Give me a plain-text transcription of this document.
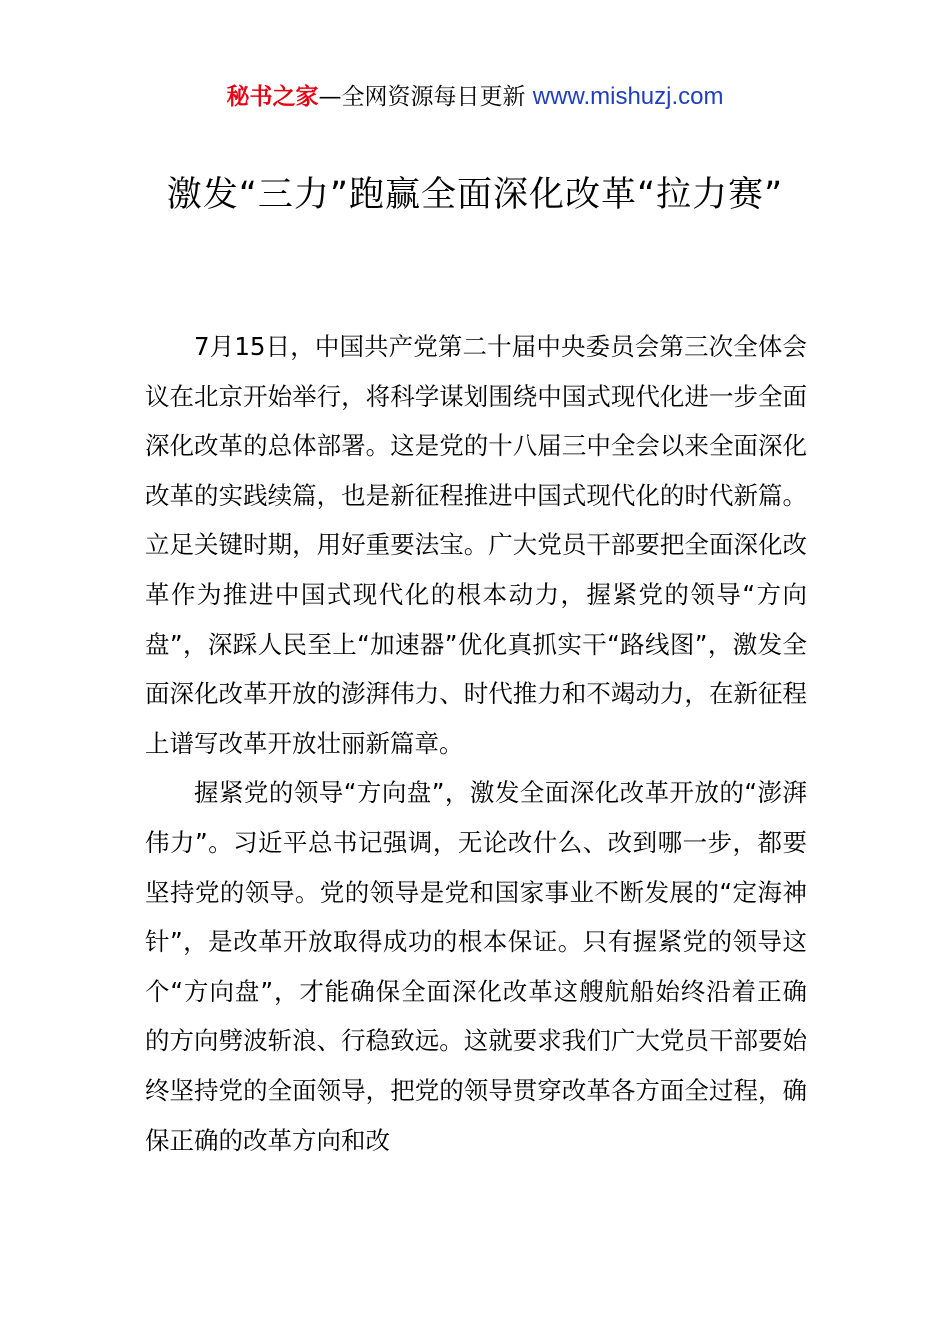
秘书之家—全网资源每日更新 www.mishuzj.com
激发“三力”跑赢全面深化改革“拉力赛”

7月15日，中国共产党第二十届中央委员会第三次全体会议在北京开始举行，将科学谋划围绕中国式现代化进一步全面深化改革的总体部署。这是党的十八届三中全会以来全面深化改革的实践续篇，也是新征程推进中国式现代化的时代新篇。立足关键时期，用好重要法宝。广大党员干部要把全面深化改革作为推进中国式现代化的根本动力，握紧党的领导“方向盘”，深踩人民至上“加速器”优化真抓实干“路线图”，激发全面深化改革开放的澎湃伟力、时代推力和不竭动力，在新征程上谱写改革开放壮丽新篇章。

握紧党的领导“方向盘”，激发全面深化改革开放的“澎湃伟力”。习近平总书记强调，无论改什么、改到哪一步，都要坚持党的领导。党的领导是党和国家事业不断发展的“定海神针”，是改革开放取得成功的根本保证。只有握紧党的领导这个“方向盘”，才能确保全面深化改革这艘航船始终沿着正确的方向劈波斩浪、行稳致远。这就要求我们广大党员干部要始终坚持党的全面领导，把党的领导贯穿改革各方面全过程，确保正确的改革方向和改
